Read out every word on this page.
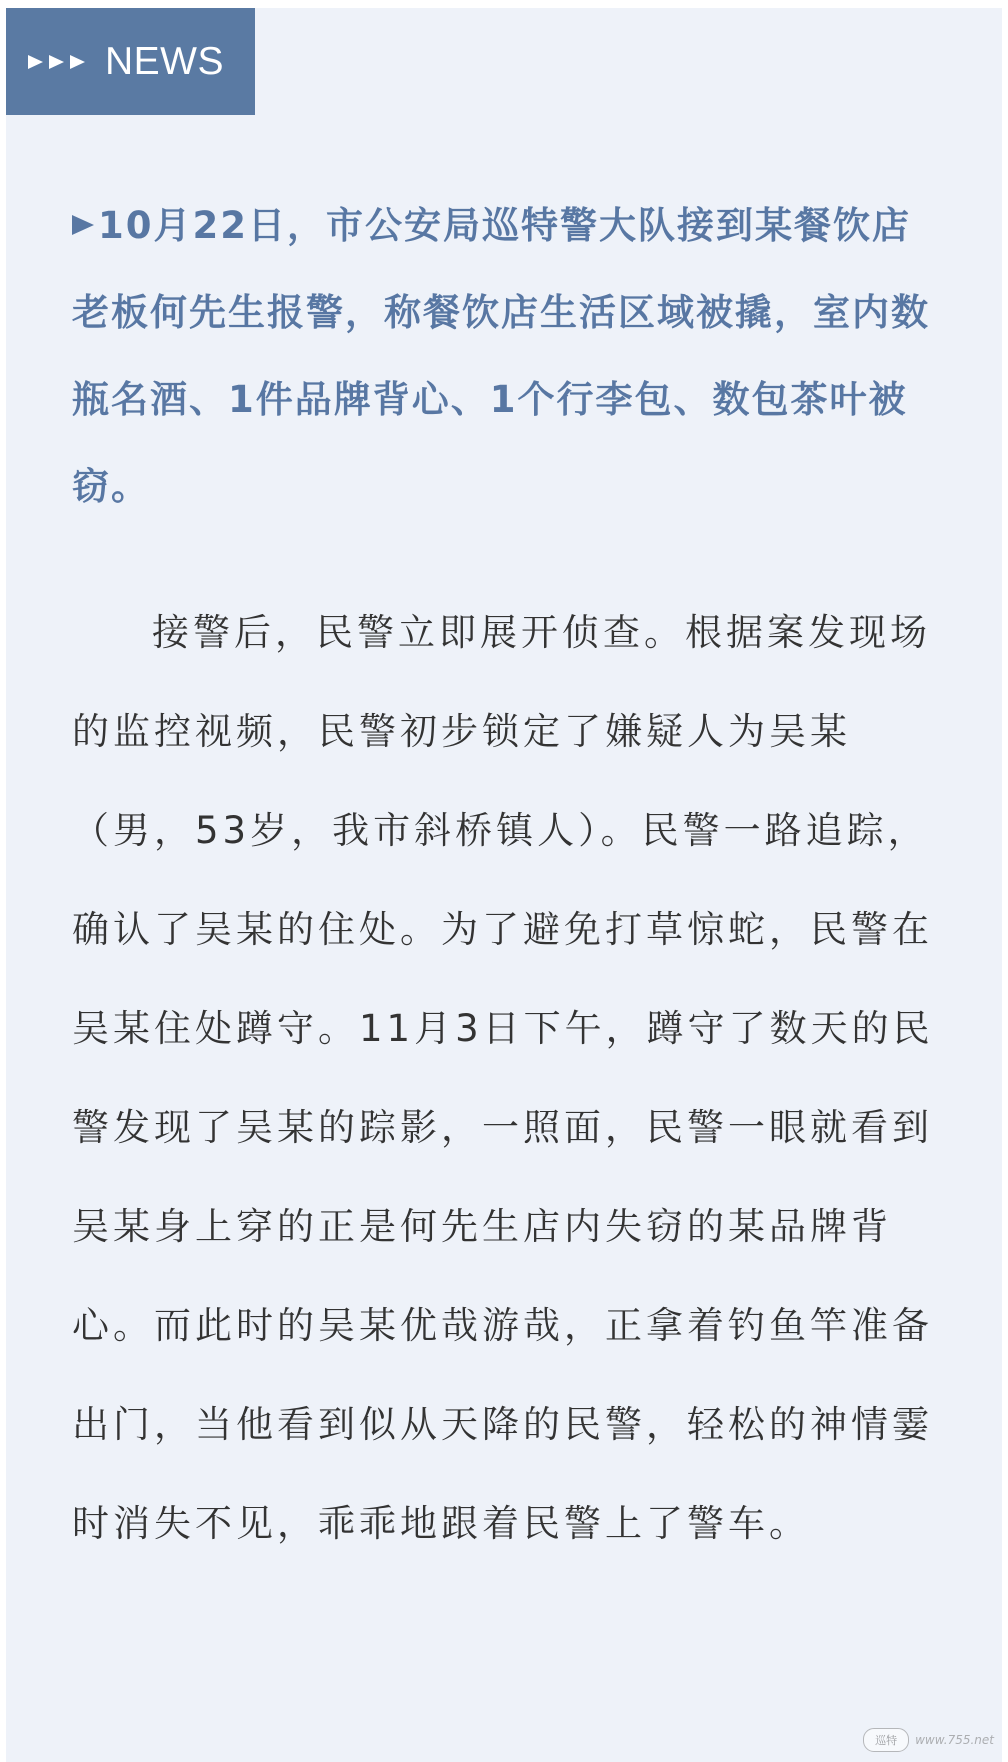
NEWS

10月22日，市公安局巡特警大队接到某餐饮店老板何先生报警，称餐饮店生活区域被撬，室内数瓶名酒、1件品牌背心、1个行李包、数包茶叶被窃。

接警后，民警立即展开侦查。根据案发现场的监控视频，民警初步锁定了嫌疑人为吴某（男，53岁，我市斜桥镇人）。民警一路追踪，确认了吴某的住处。为了避免打草惊蛇，民警在吴某住处蹲守。11月3日下午，蹲守了数天的民警发现了吴某的踪影，一照面，民警一眼就看到吴某身上穿的正是何先生店内失窃的某品牌背心。而此时的吴某优哉游哉，正拿着钓鱼竿准备出门，当他看到似从天降的民警，轻松的神情霎时消失不见，乖乖地跟着民警上了警车。

巡特	www.755.net
